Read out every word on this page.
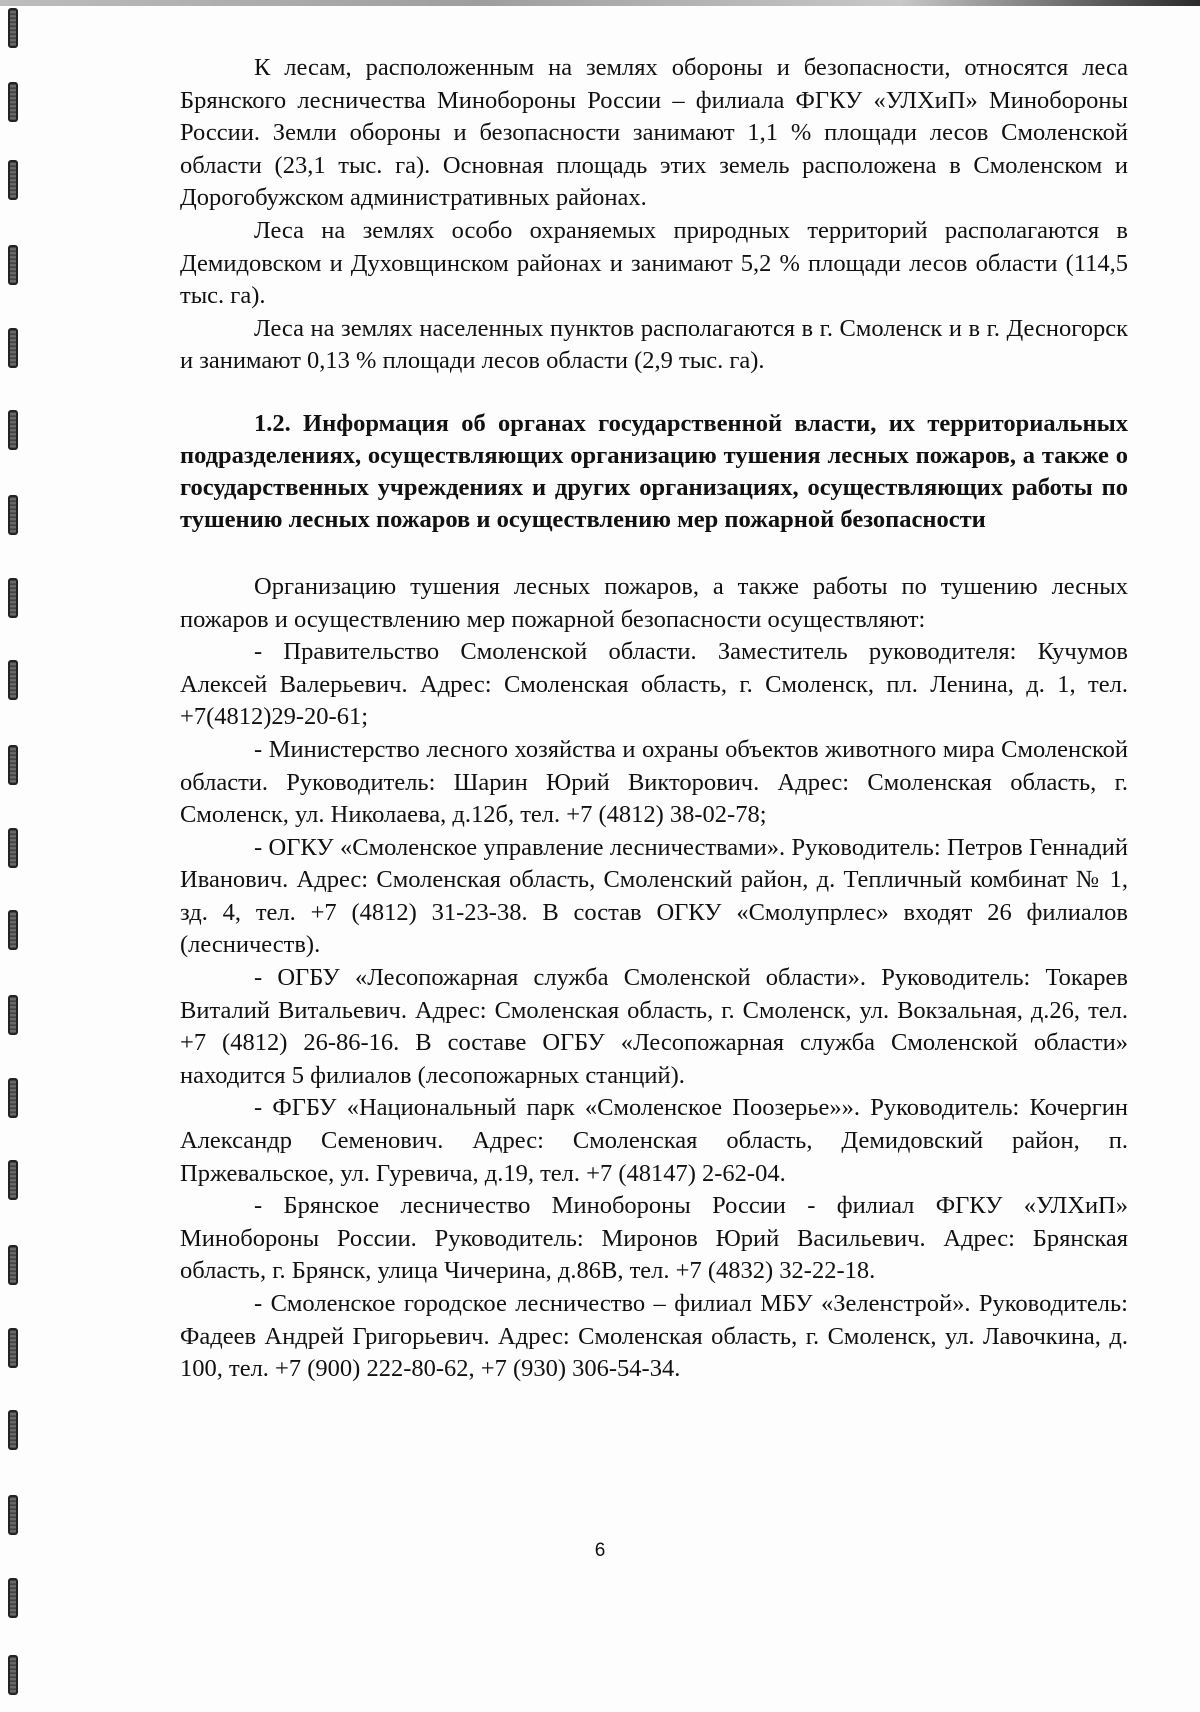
К лесам, расположенным на землях обороны и безопасности, относятся леса Брянского лесничества Минобороны России – филиала ФГКУ «УЛХиП» Минобороны России. Земли обороны и безопасности занимают 1,1 % площади лесов Смоленской области (23,1 тыс. га). Основная площадь этих земель расположена в Смоленском и Дорогобужском административных районах.

Леса на землях особо охраняемых природных территорий располагаются в Демидовском и Духовщинском районах и занимают 5,2 % площади лесов области (114,5 тыс. га).

Леса на землях населенных пунктов располагаются в г. Смоленск и в г. Десногорск и занимают 0,13 % площади лесов области (2,9 тыс. га).

1.2. Информация об органах государственной власти, их территориальных подразделениях, осуществляющих организацию тушения лесных пожаров, а также о государственных учреждениях и других организациях, осуществляющих работы по тушению лесных пожаров и осуществлению мер пожарной безопасности

Организацию тушения лесных пожаров, а также работы по тушению лесных пожаров и осуществлению мер пожарной безопасности осуществляют:

- Правительство Смоленской области. Заместитель руководителя: Кучумов Алексей Валерьевич. Адрес: Смоленская область, г. Смоленск, пл. Ленина, д. 1, тел. +7(4812)29-20-61;

- Министерство лесного хозяйства и охраны объектов животного мира Смоленской области. Руководитель: Шарин Юрий Викторович. Адрес: Смоленская область, г. Смоленск, ул. Николаева, д.12б, тел. +7 (4812) 38-02-78;

- ОГКУ «Смоленское управление лесничествами». Руководитель: Петров Геннадий Иванович. Адрес: Смоленская область, Смоленский район, д. Тепличный комбинат № 1, зд. 4, тел. +7 (4812) 31-23-38. В состав ОГКУ «Смолупрлес» входят 26 филиалов (лесничеств).

- ОГБУ «Лесопожарная служба Смоленской области». Руководитель: Токарев Виталий Витальевич. Адрес: Смоленская область, г. Смоленск, ул. Вокзальная, д.26, тел. +7 (4812) 26-86-16. В составе ОГБУ «Лесопожарная служба Смоленской области» находится 5 филиалов (лесопожарных станций).

- ФГБУ «Национальный парк «Смоленское Поозерье»». Руководитель: Кочергин Александр Семенович. Адрес: Смоленская область, Демидовский район, п. Пржевальское, ул. Гуревича, д.19, тел. +7 (48147) 2-62-04.

- Брянское лесничество Минобороны России - филиал ФГКУ «УЛХиП» Минобороны России. Руководитель: Миронов Юрий Васильевич. Адрес: Брянская область, г. Брянск, улица Чичерина, д.86В, тел. +7 (4832) 32-22-18.

- Смоленское городское лесничество – филиал МБУ «Зеленстрой». Руководитель: Фадеев Андрей Григорьевич. Адрес: Смоленская область, г. Смоленск, ул. Лавочкина, д. 100, тел. +7 (900) 222-80-62, +7 (930) 306-54-34.

6
